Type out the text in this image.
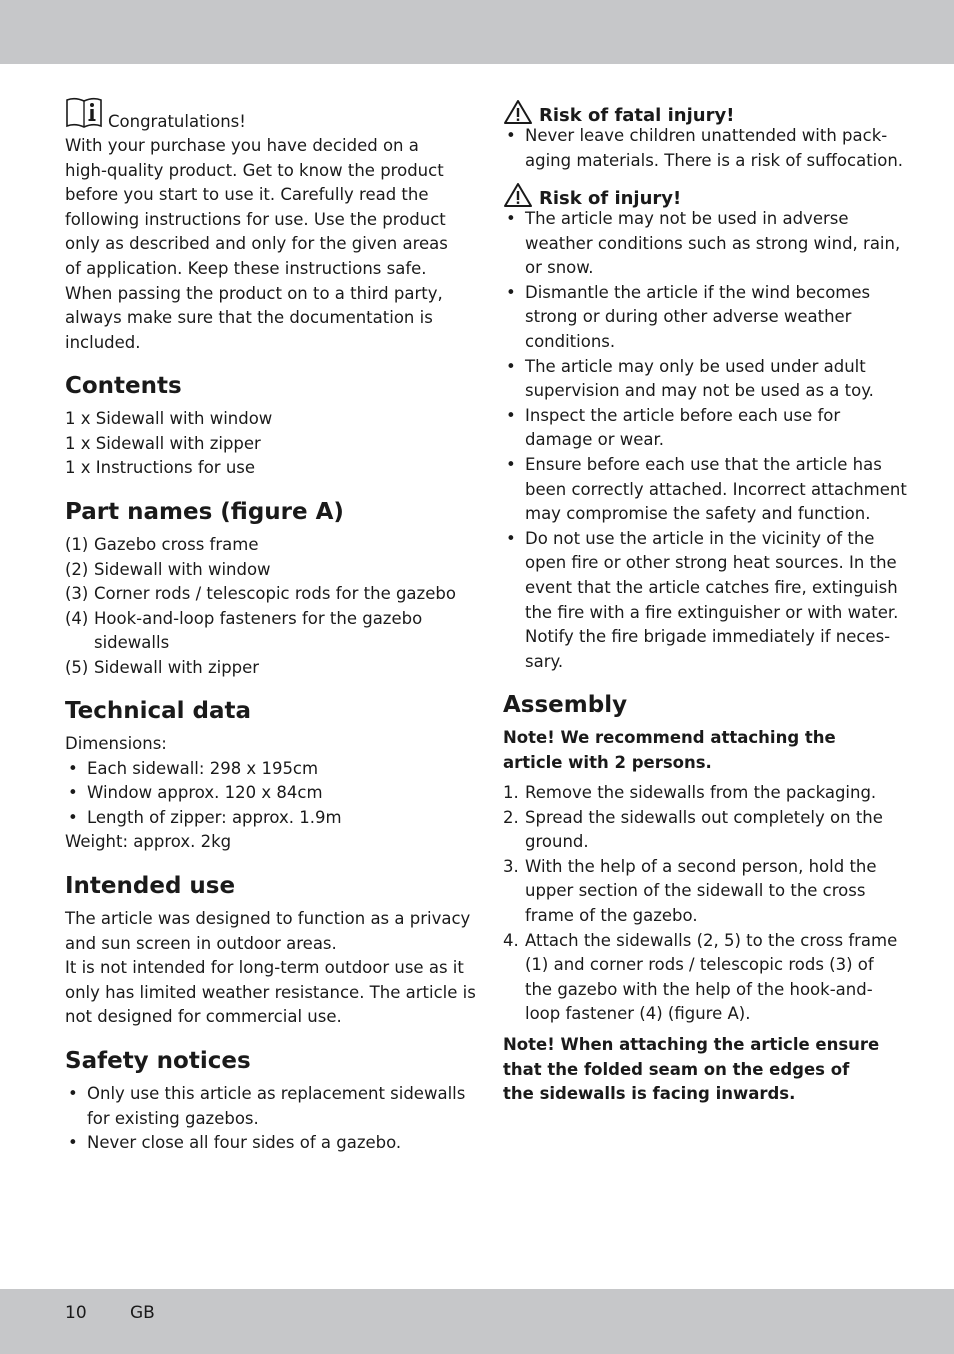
Congratulations!
With your purchase you have decided on a
high-quality product. Get to know the product
before you start to use it. Carefully read the
following instructions for use. Use the product
only as described and only for the given areas
of application. Keep these instructions safe.
When passing the product on to a third party,
always make sure that the documentation is
included.
Contents
1 x Sidewall with window
1 x Sidewall with zipper
1 x Instructions for use
Part names (figure A)
(1) Gazebo cross frame
(2) Sidewall with window
(3) Corner rods / telescopic rods for the gazebo
(4) Hook-and-loop fasteners for the gazebo
sidewalls
(5) Sidewall with zipper
Technical data
Dimensions:
• Each sidewall: 298 x 195cm
• Window approx. 120 x 84cm
• Length of zipper: approx. 1.9m
Weight: approx. 2kg
Intended use
The article was designed to function as a privacy
and sun screen in outdoor areas.
It is not intended for long-term outdoor use as it
only has limited weather resistance. The article is
not designed for commercial use.
Safety notices
• Only use this article as replacement sidewalls
for existing gazebos.
• Never close all four sides of a gazebo.
Risk of fatal injury!
• Never leave children unattended with pack-
aging materials. There is a risk of suffocation.
Risk of injury!
• The article may not be used in adverse
weather conditions such as strong wind, rain,
or snow.
• Dismantle the article if the wind becomes
strong or during other adverse weather
conditions.
• The article may only be used under adult
supervision and may not be used as a toy.
• Inspect the article before each use for
damage or wear.
• Ensure before each use that the article has
been correctly attached. Incorrect attachment
may compromise the safety and function.
• Do not use the article in the vicinity of the
open fire or other strong heat sources. In the
event that the article catches fire, extinguish
the fire with a fire extinguisher or with water.
Notify the fire brigade immediately if neces-
sary.
Assembly
Note! We recommend attaching the
article with 2 persons.
1. Remove the sidewalls from the packaging.
2. Spread the sidewalls out completely on the
ground.
3. With the help of a second person, hold the
upper section of the sidewall to the cross
frame of the gazebo.
4. Attach the sidewalls (2, 5) to the cross frame
(1) and corner rods / telescopic rods (3) of
the gazebo with the help of the hook-and-
loop fastener (4) (figure A).
Note! When attaching the article ensure
that the folded seam on the edges of
the sidewalls is facing inwards.
10	GB
